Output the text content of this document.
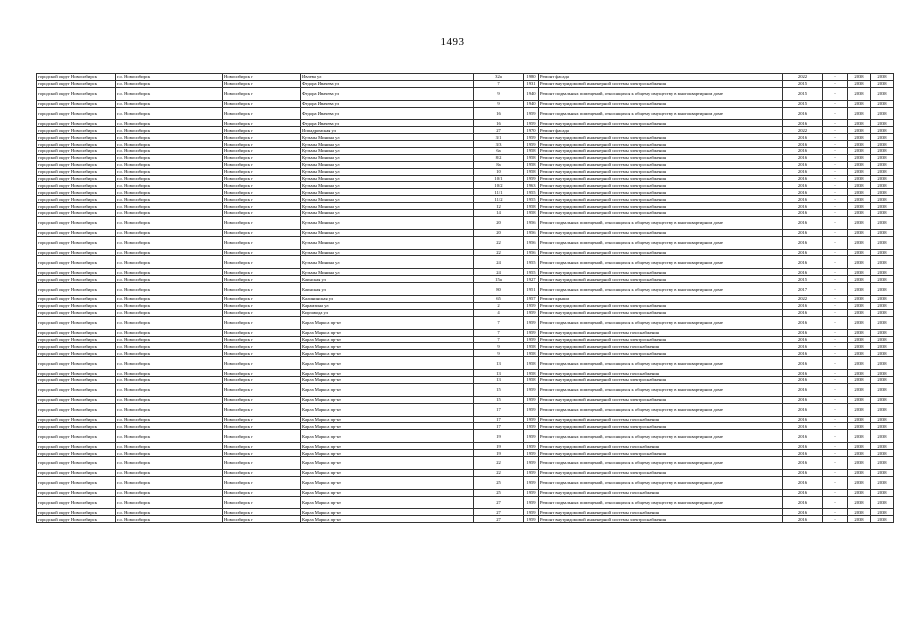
1493
городской округ Новосибирск	г.о. Новосибирск	Новосибирск г	Ивлева ул	32а	1980	Ремонт фасада	2022	-	2038	2038
городской округ Новосибирск	г.о. Новосибирск	Новосибирск г	Федора Ивачева ул	7	1931	Ремонт внутридомовой инженерной системы электроснабжения	2015	-	2038	2038
городской округ Новосибирск	г.о. Новосибирск	Новосибирск г	Федора Ивачева ул	9	1940	Ремонт подвальных помещений, относящихся к общему имуществу в многоквартирном доме	2015	-	2038	2038
городской округ Новосибирск	г.о. Новосибирск	Новосибирск г	Федора Ивачева ул	9	1940	Ремонт внутридомовой инженерной системы электроснабжения	2015	-	2038	2038
городской округ Новосибирск	г.о. Новосибирск	Новосибирск г	Федора Ивачева ул	16	1959	Ремонт подвальных помещений, относящихся к общему имуществу в многоквартирном доме	2016	-	2038	2038
городской округ Новосибирск	г.о. Новосибирск	Новосибирск г	Федора Ивачева ул	16	1959	Ремонт внутридомовой инженерной системы электроснабжения	2016	-	2038	2038
городской округ Новосибирск	г.о. Новосибирск	Новосибирск г	Иппадромская ул	27	1970	Ремонт фасада	2022	-	2038	2038
городской округ Новосибирск	г.о. Новосибирск	Новосибирск г	Кузьмы Минина ул	3/1	1959	Ремонт внутридомовой инженерной системы электроснабжения	2016	-	2038	2038
городской округ Новосибирск	г.о. Новосибирск	Новосибирск г	Кузьмы Минина ул	3/3	1959	Ремонт внутридомовой инженерной системы электроснабжения	2016	-	2038	2038
городской округ Новосибирск	г.о. Новосибирск	Новосибирск г	Кузьмы Минина ул	6а	1958	Ремонт внутридомовой инженерной системы электроснабжения	2016	-	2038	2038
городской округ Новосибирск	г.о. Новосибирск	Новосибирск г	Кузьмы Минина ул	8/2	1958	Ремонт внутридомовой инженерной системы электроснабжения	2016	-	2038	2038
городской округ Новосибирск	г.о. Новосибирск	Новосибирск г	Кузьмы Минина ул	8а	1958	Ремонт внутридомовой инженерной системы электроснабжения	2016	-	2038	2038
городской округ Новосибирск	г.о. Новосибирск	Новосибирск г	Кузьмы Минина ул	10	1958	Ремонт внутридомовой инженерной системы электроснабжения	2016	-	2038	2038
городской округ Новосибирск	г.о. Новосибирск	Новосибирск г	Кузьмы Минина ул	10/1	1959	Ремонт внутридомовой инженерной системы электроснабжения	2016	-	2038	2038
городской округ Новосибирск	г.о. Новосибирск	Новосибирск г	Кузьмы Минина ул	10/2	1963	Ремонт внутридомовой инженерной системы электроснабжения	2016	-	2038	2038
городской округ Новосибирск	г.о. Новосибирск	Новосибирск г	Кузьмы Минина ул	11/1	1955	Ремонт внутридомовой инженерной системы электроснабжения	2016	-	2038	2038
городской округ Новосибирск	г.о. Новосибирск	Новосибирск г	Кузьмы Минина ул	11/2	1955	Ремонт внутридомовой инженерной системы электроснабжения	2016	-	2038	2038
городской округ Новосибирск	г.о. Новосибирск	Новосибирск г	Кузьмы Минина ул	12	1958	Ремонт внутридомовой инженерной системы электроснабжения	2016	-	2038	2038
городской округ Новосибирск	г.о. Новосибирск	Новосибирск г	Кузьмы Минина ул	14	1958	Ремонт внутридомовой инженерной системы электроснабжения	2016	-	2038	2038
городской округ Новосибирск	г.о. Новосибирск	Новосибирск г	Кузьмы Минина ул	20	1956	Ремонт подвальных помещений, относящихся к общему имуществу в многоквартирном доме	2016	-	2038	2038
городской округ Новосибирск	г.о. Новосибирск	Новосибирск г	Кузьмы Минина ул	20	1956	Ремонт внутридомовой инженерной системы электроснабжения	2016	-	2038	2038
городской округ Новосибирск	г.о. Новосибирск	Новосибирск г	Кузьмы Минина ул	22	1956	Ремонт подвальных помещений, относящихся к общему имуществу в многоквартирном доме	2016	-	2038	2038
городской округ Новосибирск	г.о. Новосибирск	Новосибирск г	Кузьмы Минина ул	22	1956	Ремонт внутридомовой инженерной системы электроснабжения	2016	-	2038	2038
городской округ Новосибирск	г.о. Новосибирск	Новосибирск г	Кузьмы Минина ул	24	1955	Ремонт подвальных помещений, относящихся к общему имуществу в многоквартирном доме	2016	-	2038	2038
городской округ Новосибирск	г.о. Новосибирск	Новосибирск г	Кузьмы Минина ул	24	1955	Ремонт внутридомовой инженерной системы электроснабжения	2016	-	2038	2038
городской округ Новосибирск	г.о. Новосибирск	Новосибирск г	Каинская ул	15а	1927	Ремонт внутридомовой инженерной системы электроснабжения	2015	-	2038	2038
городской округ Новосибирск	г.о. Новосибирск	Новосибирск г	Каинская ул	80	1951	Ремонт подвальных помещений, относящихся к общему имуществу в многоквартирном доме	2017	-	2038	2038
городской округ Новосибирск	г.о. Новосибирск	Новосибирск г	Калининская ул	65	1957	Ремонт крыши	2022	-	2038	2038
городской округ Новосибирск	г.о. Новосибирск	Новосибирск г	Карамзина ул	2	1959	Ремонт внутридомовой инженерной системы электроснабжения	2016	-	2038	2038
городской округ Новосибирск	г.о. Новосибирск	Новосибирск г	Кирзавода ул	4	1959	Ремонт внутридомовой инженерной системы электроснабжения	2016	-	2038	2038
городской округ Новосибирск	г.о. Новосибирск	Новосибирск г	Карла Маркса пр-кт	7	1959	Ремонт подвальных помещений, относящихся к общему имуществу в многоквартирном доме	2016	-	2038	2038
городской округ Новосибирск	г.о. Новосибирск	Новосибирск г	Карла Маркса пр-кт	7	1959	Ремонт внутридомовой инженерной системы газоснабжения	2016	-	2038	2038
городской округ Новосибирск	г.о. Новосибирск	Новосибирск г	Карла Маркса пр-кт	7	1959	Ремонт внутридомовой инженерной системы электроснабжения	2016	-	2038	2038
городской округ Новосибирск	г.о. Новосибирск	Новосибирск г	Карла Маркса пр-кт	9	1958	Ремонт внутридомовой инженерной системы газоснабжения	2016	-	2038	2038
городской округ Новосибирск	г.о. Новосибирск	Новосибирск г	Карла Маркса пр-кт	9	1958	Ремонт внутридомовой инженерной системы электроснабжения	2016	-	2038	2038
городской округ Новосибирск	г.о. Новосибирск	Новосибирск г	Карла Маркса пр-кт	13	1958	Ремонт подвальных помещений, относящихся к общему имуществу в многоквартирном доме	2016	-	2038	2038
городской округ Новосибирск	г.о. Новосибирск	Новосибирск г	Карла Маркса пр-кт	13	1958	Ремонт внутридомовой инженерной системы газоснабжения	2016	-	2038	2038
городской округ Новосибирск	г.о. Новосибирск	Новосибирск г	Карла Маркса пр-кт	13	1958	Ремонт внутридомовой инженерной системы электроснабжения	2016	-	2038	2038
городской округ Новосибирск	г.о. Новосибирск	Новосибирск г	Карла Маркса пр-кт	15	1959	Ремонт подвальных помещений, относящихся к общему имуществу в многоквартирном доме	2016	-	2038	2038
городской округ Новосибирск	г.о. Новосибирск	Новосибирск г	Карла Маркса пр-кт	15	1959	Ремонт внутридомовой инженерной системы электроснабжения	2016	-	2038	2038
городской округ Новосибирск	г.о. Новосибирск	Новосибирск г	Карла Маркса пр-кт	17	1959	Ремонт подвальных помещений, относящихся к общему имуществу в многоквартирном доме	2016	-	2038	2038
городской округ Новосибирск	г.о. Новосибирск	Новосибирск г	Карла Маркса пр-кт	17	1959	Ремонт внутридомовой инженерной системы газоснабжения	2016	-	2038	2038
городской округ Новосибирск	г.о. Новосибирск	Новосибирск г	Карла Маркса пр-кт	17	1959	Ремонт внутридомовой инженерной системы электроснабжения	2016	-	2038	2038
городской округ Новосибирск	г.о. Новосибирск	Новосибирск г	Карла Маркса пр-кт	19	1959	Ремонт подвальных помещений, относящихся к общему имуществу в многоквартирном доме	2016	-	2038	2038
городской округ Новосибирск	г.о. Новосибирск	Новосибирск г	Карла Маркса пр-кт	19	1959	Ремонт внутридомовой инженерной системы газоснабжения	2016	-	2038	2038
городской округ Новосибирск	г.о. Новосибирск	Новосибирск г	Карла Маркса пр-кт	19	1959	Ремонт внутридомовой инженерной системы электроснабжения	2016	-	2038	2038
городской округ Новосибирск	г.о. Новосибирск	Новосибирск г	Карла Маркса пр-кт	22	1959	Ремонт подвальных помещений, относящихся к общему имуществу в многоквартирном доме	2016	-	2038	2038
городской округ Новосибирск	г.о. Новосибирск	Новосибирск г	Карла Маркса пр-кт	22	1959	Ремонт внутридомовой инженерной системы электроснабжения	2016	-	2038	2038
городской округ Новосибирск	г.о. Новосибирск	Новосибирск г	Карла Маркса пр-кт	25	1959	Ремонт подвальных помещений, относящихся к общему имуществу в многоквартирном доме	2016	-	2038	2038
городской округ Новосибирск	г.о. Новосибирск	Новосибирск г	Карла Маркса пр-кт	25	1959	Ремонт внутридомовой инженерной системы газоснабжения	2016	-	2038	2038
городской округ Новосибирск	г.о. Новосибирск	Новосибирск г	Карла Маркса пр-кт	27	1959	Ремонт подвальных помещений, относящихся к общему имуществу в многоквартирном доме	2016	-	2038	2038
городской округ Новосибирск	г.о. Новосибирск	Новосибирск г	Карла Маркса пр-кт	27	1959	Ремонт внутридомовой инженерной системы газоснабжения	2016	-	2038	2038
городской округ Новосибирск	г.о. Новосибирск	Новосибирск г	Карла Маркса пр-кт	27	1959	Ремонт внутридомовой инженерной системы электроснабжения	2016	-	2038	2038
